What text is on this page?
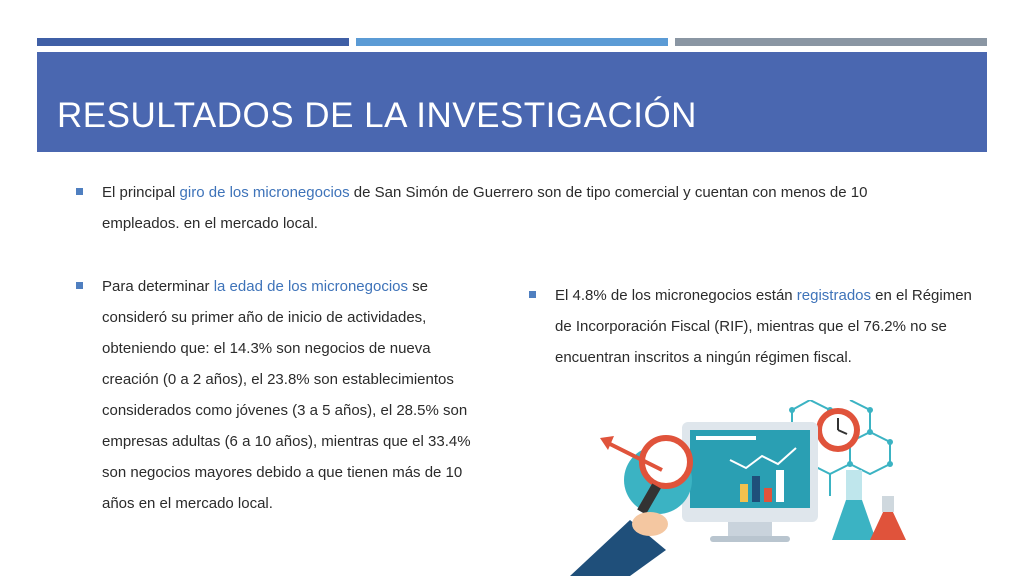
RESULTADOS DE LA INVESTIGACIÓN
El principal giro de los micronegocios de San Simón de Guerrero son de tipo comercial y cuentan con menos de 10 empleados. en el mercado local.
Para determinar la edad de los micronegocios se consideró su primer año de inicio de actividades, obteniendo que: el 14.3% son negocios de nueva creación (0 a 2 años), el 23.8% son establecimientos considerados como jóvenes (3 a 5 años), el 28.5% son empresas adultas (6 a 10 años), mientras que el 33.4% son negocios mayores debido a que tienen más de 10 años en el mercado local.
El 4.8% de los micronegocios están registrados en el Régimen de Incorporación Fiscal (RIF), mientras que el 76.2% no se encuentran inscritos a ningún régimen fiscal.
